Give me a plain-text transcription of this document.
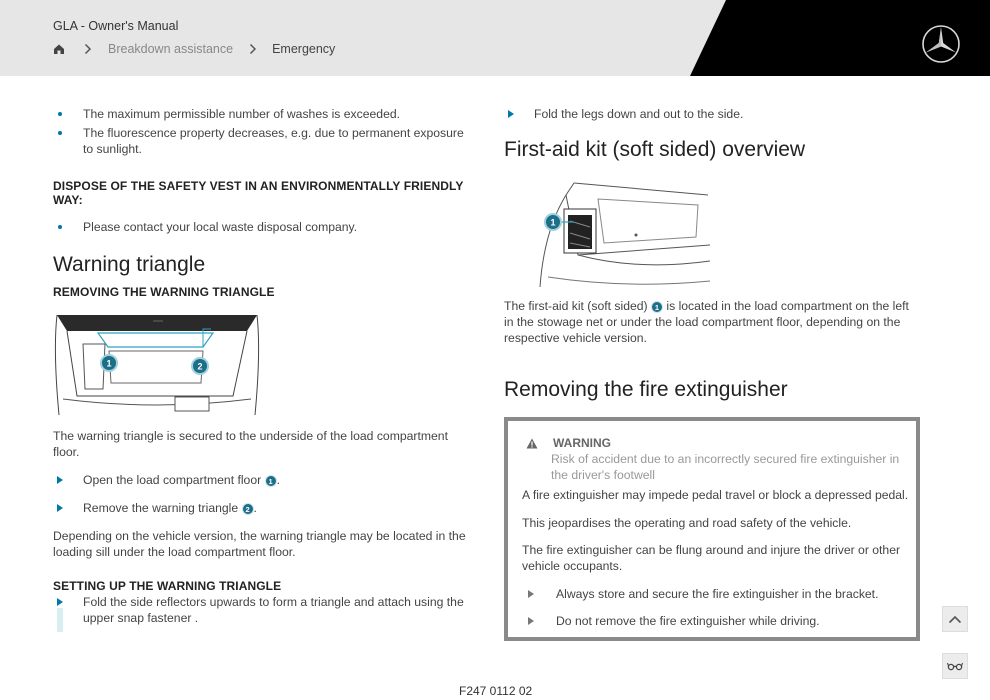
GLA - Owner's Manual
Breakdown assistance	Emergency
The maximum permissible number of washes is exceeded.
The fluorescence property decreases, e.g. due to permanent exposure to sunlight.
DISPOSE OF THE SAFETY VEST IN AN ENVIRONMENTALLY FRIENDLY WAY:
Please contact your local waste disposal company.
Warning triangle
REMOVING THE WARNING TRIANGLE
1	2

The warning triangle is secured to the underside of the load compartment floor.

Open the load compartment floor 1 .
Remove the warning triangle 2 .

Depending on the vehicle version, the warning triangle may be located in the loading sill under the load compartment floor.

SETTING UP THE WARNING TRIANGLE
Fold the side reflectors upwards to form a triangle and attach using the upper snap fastener .
Fold the legs down and out to the side.
First-aid kit (soft sided) overview
1

The first-aid kit (soft sided) 1 is located in the load compartment on the left in the stowage net or under the load compartment floor, depending on the respective vehicle version.

Removing the fire extinguisher
WARNING
Risk of accident due to an incorrectly secured fire extinguisher in the driver's footwell
A fire extinguisher may impede pedal travel or block a depressed pedal.
This jeopardises the operating and road safety of the vehicle.
The fire extinguisher can be flung around and injure the driver or other vehicle occupants.
Always store and secure the fire extinguisher in the bracket.
Do not remove the fire extinguisher while driving.
F247 0112 02
